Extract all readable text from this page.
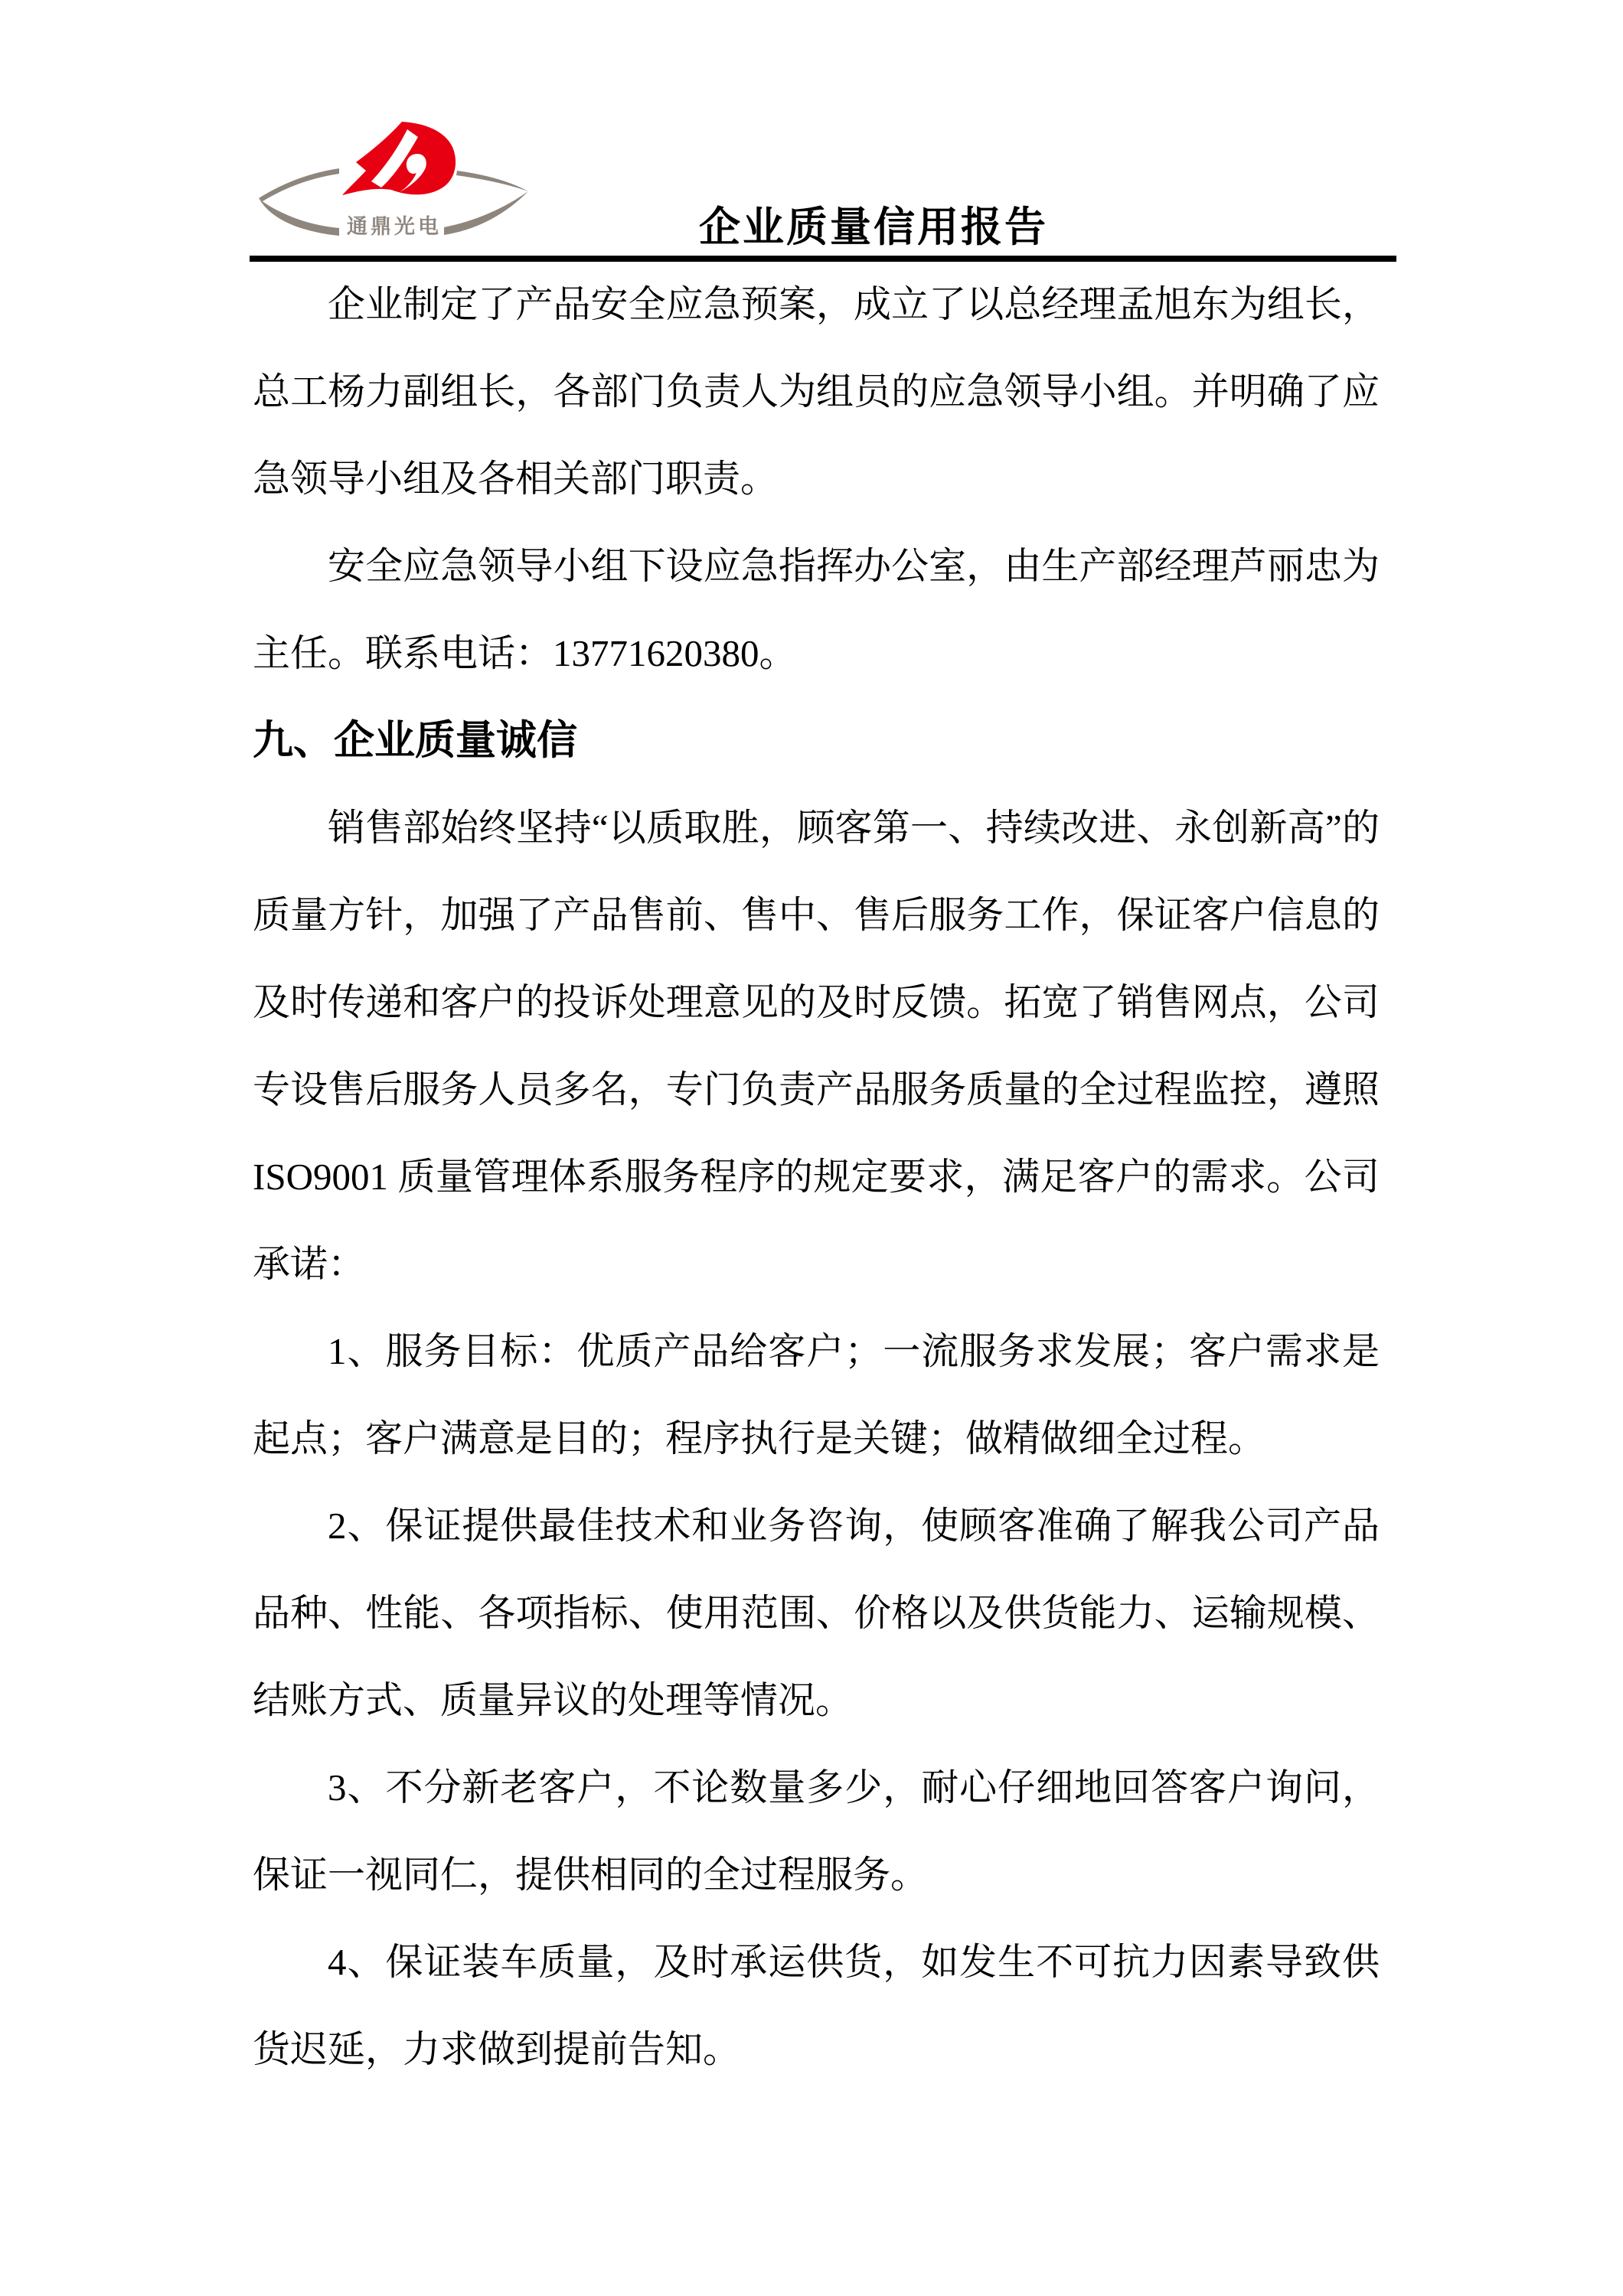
通鼎光电	企业质量信用报告

企业制定了产品安全应急预案，成立了以总经理孟旭东为组长，总工杨力副组长，各部门负责人为组员的应急领导小组。并明确了应急领导小组及各相关部门职责。

安全应急领导小组下设应急指挥办公室，由生产部经理芦丽忠为主任。联系电话：13771620380。

九、企业质量诚信

销售部始终坚持“以质取胜，顾客第一、持续改进、永创新高”的质量方针，加强了产品售前、售中、售后服务工作，保证客户信息的及时传递和客户的投诉处理意见的及时反馈。拓宽了销售网点，公司专设售后服务人员多名，专门负责产品服务质量的全过程监控，遵照 ISO9001 质量管理体系服务程序的规定要求，满足客户的需求。公司承诺：

1、服务目标：优质产品给客户；一流服务求发展；客户需求是起点；客户满意是目的；程序执行是关键；做精做细全过程。

2、保证提供最佳技术和业务咨询，使顾客准确了解我公司产品品种、性能、各项指标、使用范围、价格以及供货能力、运输规模、结账方式、质量异议的处理等情况。

3、不分新老客户，不论数量多少，耐心仔细地回答客户询问，保证一视同仁，提供相同的全过程服务。

4、保证装车质量，及时承运供货，如发生不可抗力因素导致供货迟延，力求做到提前告知。
